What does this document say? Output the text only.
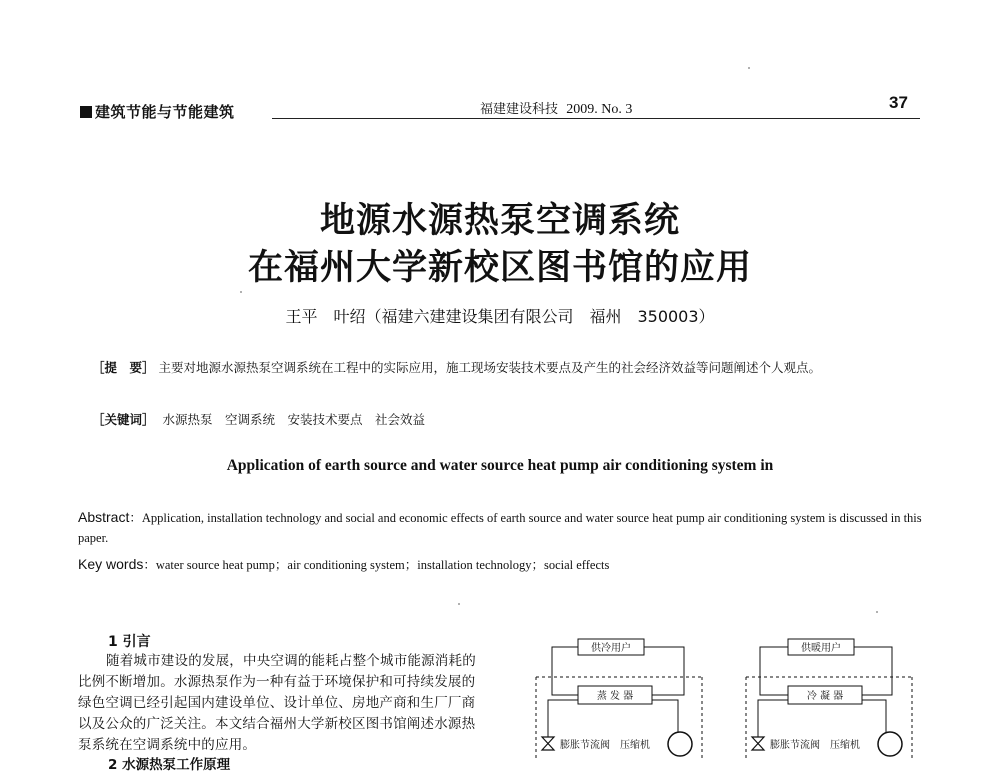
建筑节能与节能建筑	福建建设科技 2009. No. 3	37
地源水源热泵空调系统
在福州大学新校区图书馆的应用
王平　叶绍（福建六建建设集团有限公司　福州　350003）
［提　要］ 主要对地源水源热泵空调系统在工程中的实际应用，施工现场安装技术要点及产生的社会经济效益等问题阐述个人观点。
［关键词］ 水源热泵　空调系统　安装技术要点　社会效益
Application of earth source and water source heat pump air conditioning system in
Abstract：Application, installation technology and social and economic effects of earth source and water source heat pump air conditioning system is discussed in this paper.
Key words：water source heat pump；air conditioning system；installation technology；social effects
1 引言
随着城市建设的发展，中央空调的能耗占整个城市能源消耗的比例不断增加。水源热泵作为一种有益于环境保护和可持续发展的绿色空调已经引起国内建设单位、设计单位、房地产商和生厂厂商以及公众的广泛关注。本文结合福州大学新校区图书馆阐述水源热泵系统在空调系统中的应用。
2 水源热泵工作原理
供冷用户
蒸 发 器
膨胀节流阀 压缩机
供暖用户
冷 凝 器
膨胀节流阀 压缩机
